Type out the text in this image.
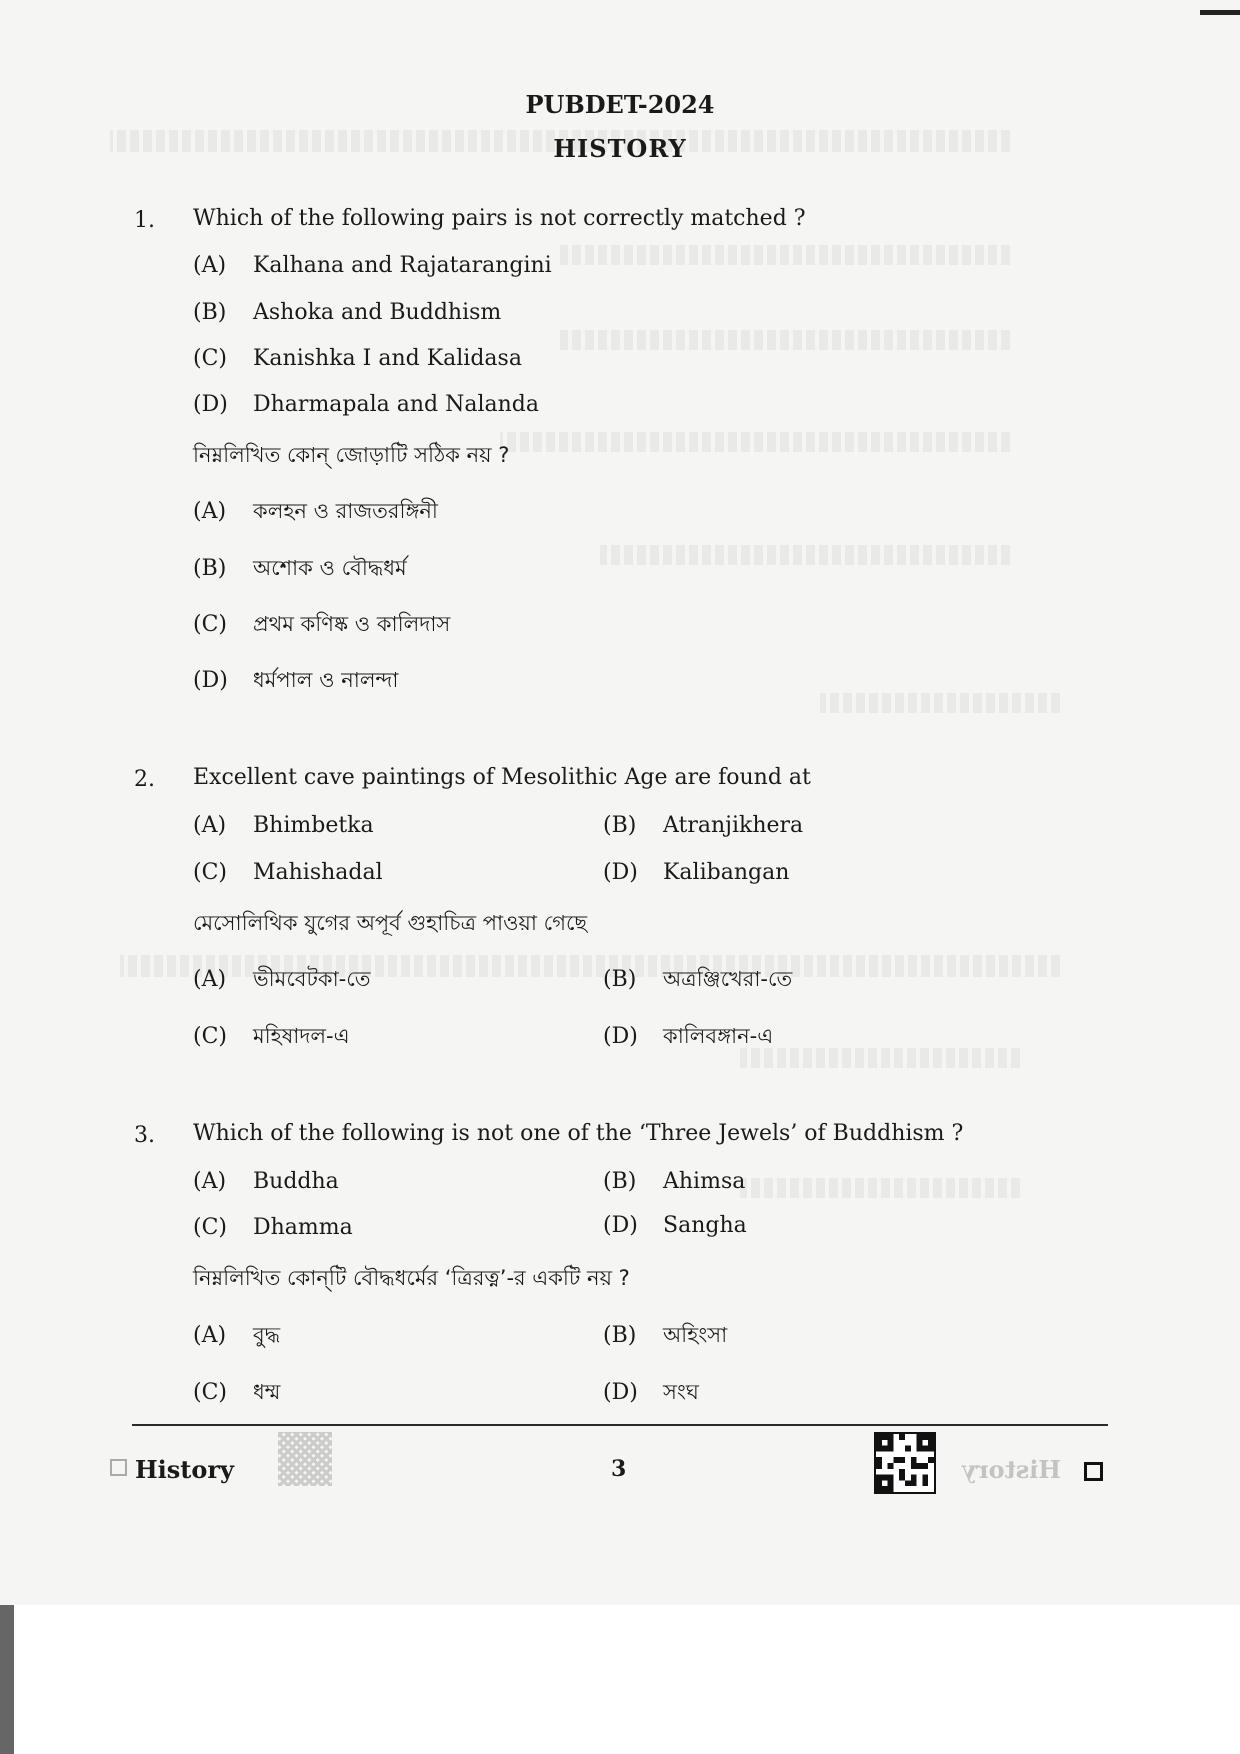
PUBDET-2024
HISTORY
1. Which of the following pairs is not correctly matched ?
(A) Kalhana and Rajatarangini
(B) Ashoka and Buddhism
(C) Kanishka I and Kalidasa
(D) Dharmapala and Nalanda
নিম্নলিখিত কোন্ জোড়াটি সঠিক নয় ?
(A) কলহন ও রাজতরঙ্গিনী
(B) অশোক ও বৌদ্ধধর্ম
(C) প্রথম কণিষ্ক ও কালিদাস
(D) ধর্মপাল ও নালন্দা
2. Excellent cave paintings of Mesolithic Age are found at
(A) Bhimbetka	(B) Atranjikhera
(C) Mahishadal	(D) Kalibangan
মেসোলিথিক যুগের অপূর্ব গুহাচিত্র পাওয়া গেছে
(A) ভীমবেটকা-তে	(B) অত্রঞ্জিখেরা-তে
(C) মহিষাদল-এ	(D) কালিবঙ্গান-এ
3. Which of the following is not one of the ‘Three Jewels’ of Buddhism ?
(A) Buddha	(B) Ahimsa
(C) Dhamma	(D) Sangha
নিম্নলিখিত কোন্‌টি বৌদ্ধধর্মের ‘ত্রিরত্ন’-র একটি নয় ?
(A) বুদ্ধ	(B) অহিংসা
(C) ধম্ম	(D) সংঘ
History	3	History
